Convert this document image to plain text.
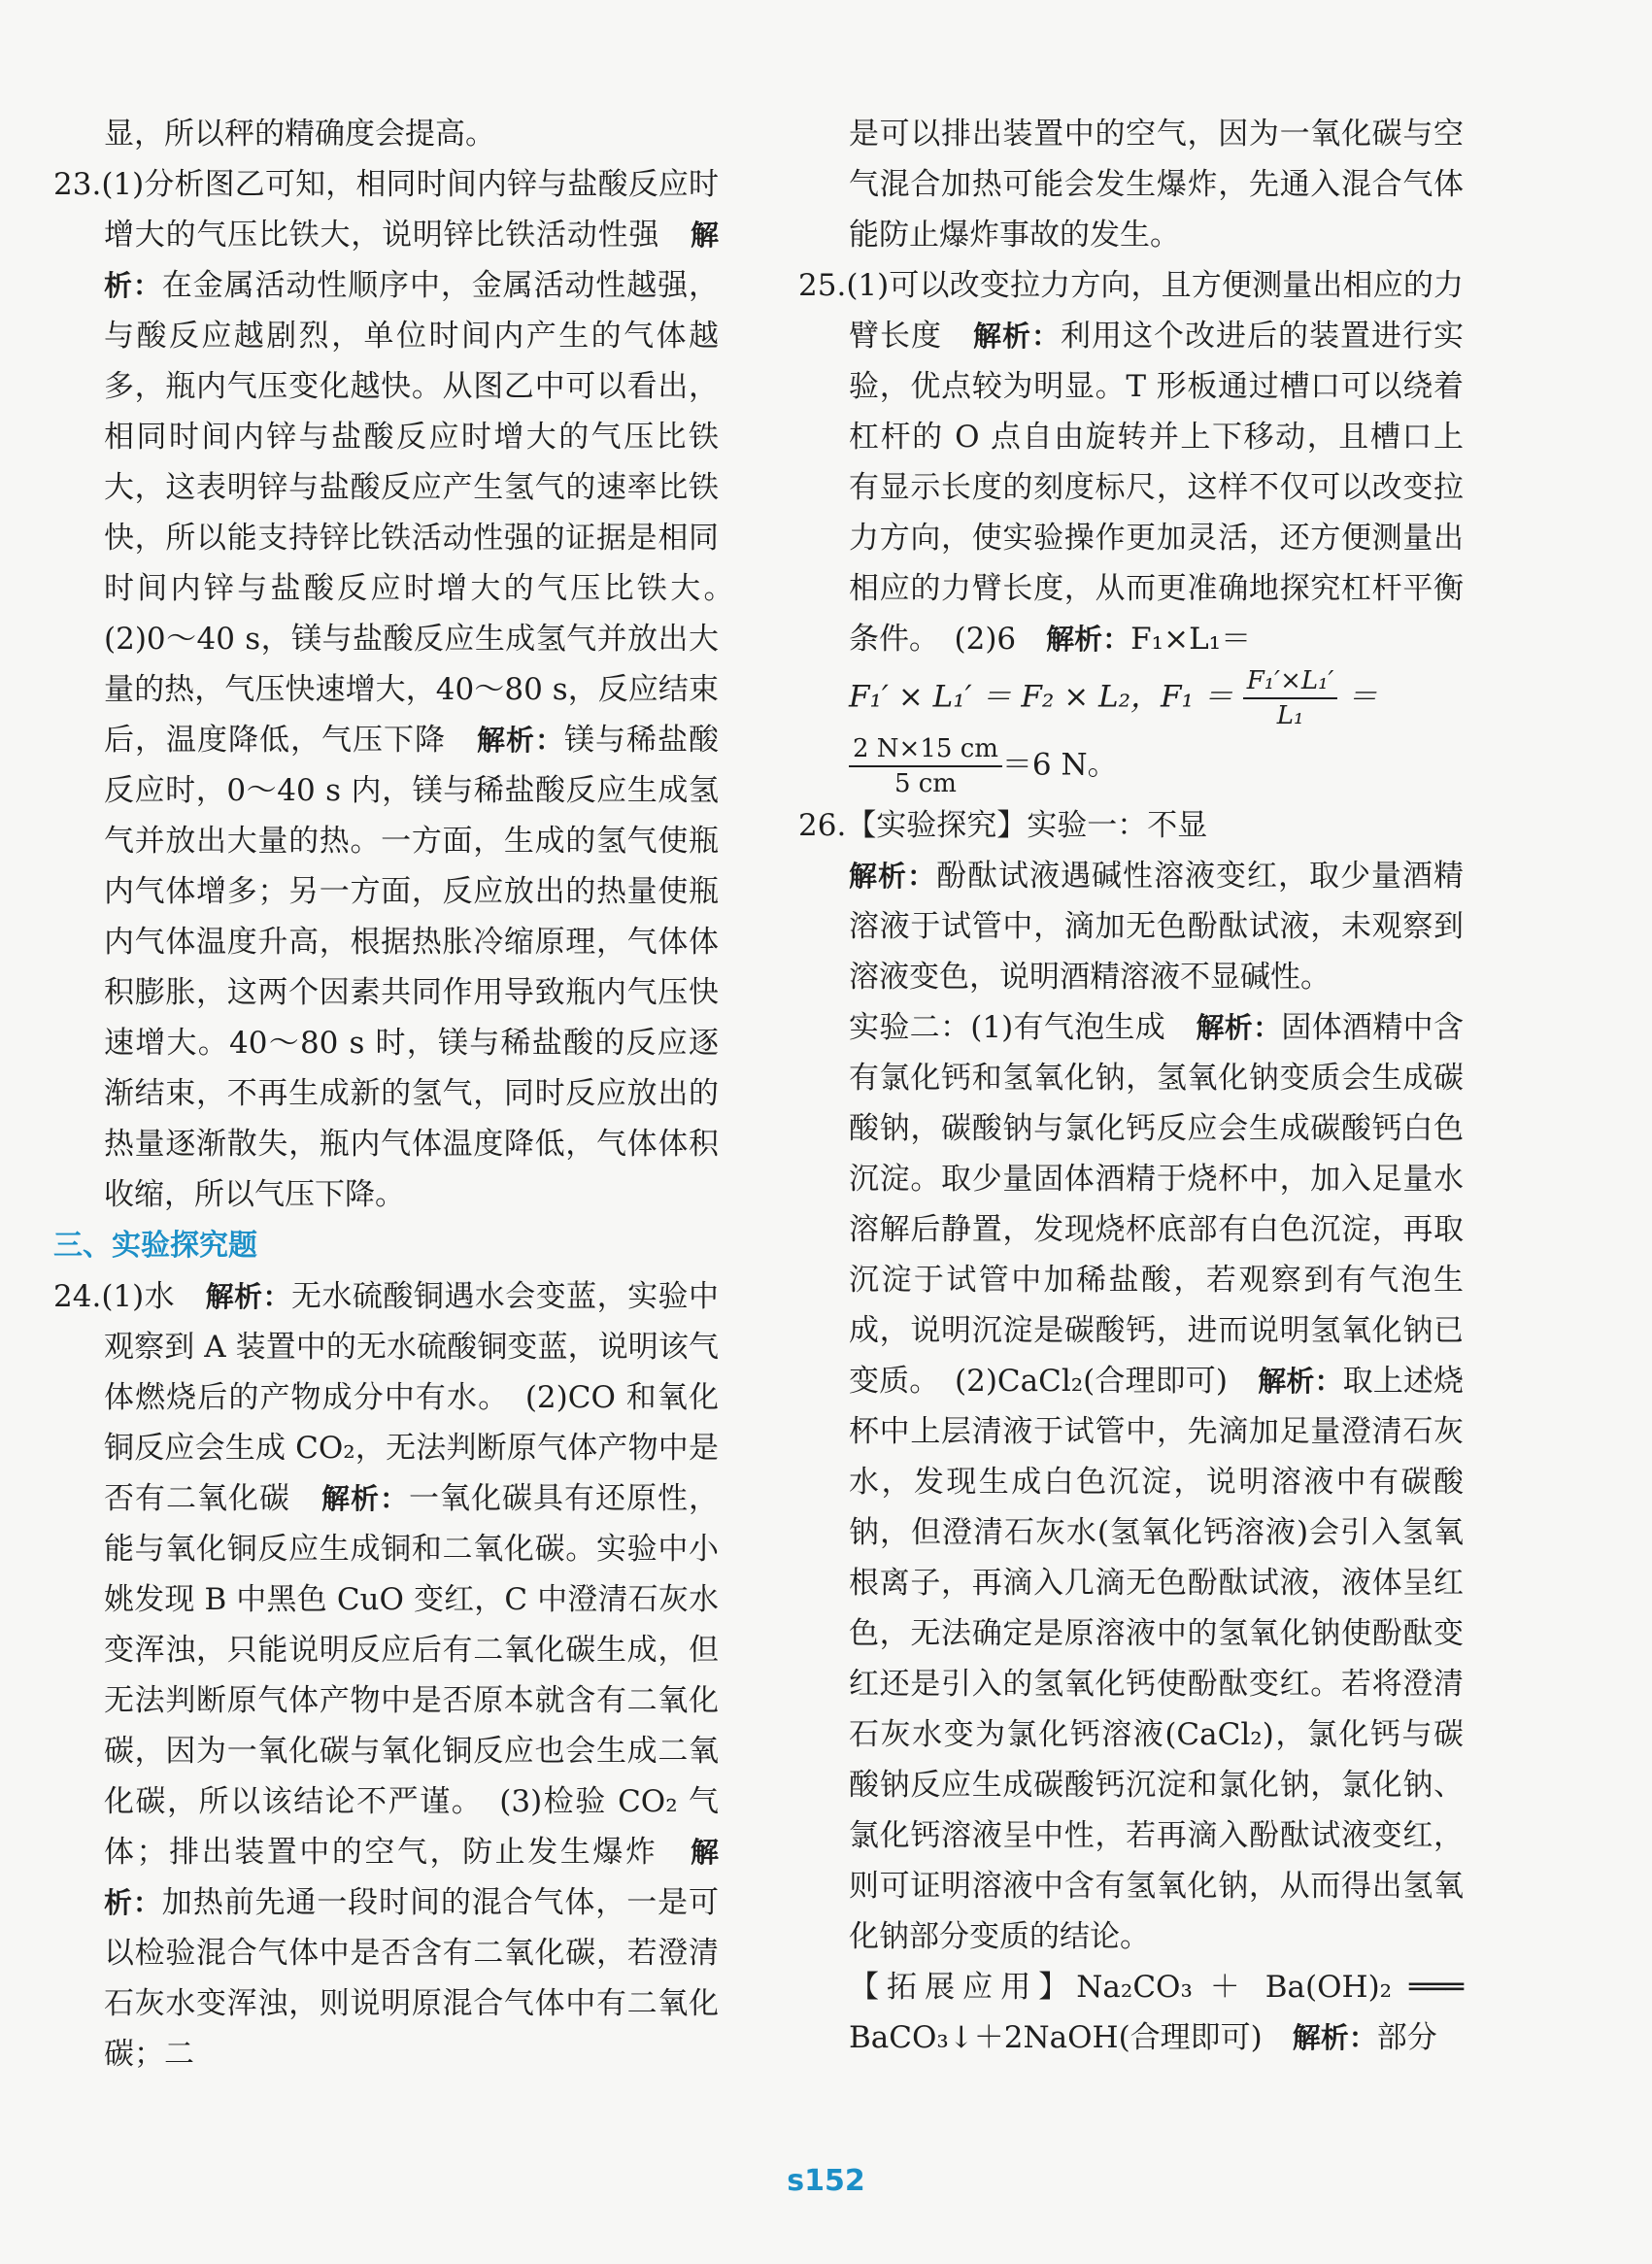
显，所以秤的精确度会提高。

23.(1)分析图乙可知，相同时间内锌与盐酸反应时增大的气压比铁大，说明锌比铁活动性强　 解析：在金属活动性顺序中，金属活动性越强，与酸反应越剧烈，单位时间内产生的气体越多，瓶内气压变化越快。从图乙中可以看出，相同时间内锌与盐酸反应时增大的气压比铁大，这表明锌与盐酸反应产生氢气的速率比铁快，所以能支持锌比铁活动性强的证据是相同时间内锌与盐酸反应时增大的气压比铁大。　(2)0～40 s，镁与盐酸反应生成氢气并放出大量的热，气压快速增大，40～80 s，反应结束后，温度降低，气压下降　 解析：镁与稀盐酸反应时，0～40 s 内，镁与稀盐酸反应生成氢气并放出大量的热。一方面，生成的氢气使瓶内气体增多；另一方面，反应放出的热量使瓶内气体温度升高，根据热胀冷缩原理，气体体积膨胀，这两个因素共同作用导致瓶内气压快速增大。40～80 s 时，镁与稀盐酸的反应逐渐结束，不再生成新的氢气，同时反应放出的热量逐渐散失，瓶内气体温度降低，气体体积收缩，所以气压下降。

三、实验探究题

24.(1)水　 解析：无水硫酸铜遇水会变蓝，实验中观察到 A 装置中的无水硫酸铜变蓝，说明该气体燃烧后的产物成分中有水。　 (2)CO 和氧化铜反应会生成 CO₂，无法判断原气体产物中是否有二氧化碳　 解析：一氧化碳具有还原性，能与氧化铜反应生成铜和二氧化碳。实验中小姚发现 B 中黑色 CuO 变红，C 中澄清石灰水变浑浊，只能说明反应后有二氧化碳生成，但无法判断原气体产物中是否原本就含有二氧化碳，因为一氧化碳与氧化铜反应也会生成二氧化碳，所以该结论不严谨。　 (3)检验 CO₂ 气体；排出装置中的空气，防止发生爆炸　 解析：加热前先通一段时间的混合气体，一是可以检验混合气体中是否含有二氧化碳，若澄清石灰水变浑浊，则说明原混合气体中有二氧化碳；二

是可以排出装置中的空气，因为一氧化碳与空气混合加热可能会发生爆炸，先通入混合气体能防止爆炸事故的发生。

25.(1)可以改变拉力方向，且方便测量出相应的力臂长度　 解析：利用这个改进后的装置进行实验，优点较为明显。T 形板通过槽口可以绕着杠杆的 O 点自由旋转并上下移动，且槽口上有显示长度的刻度标尺，这样不仅可以改变拉力方向，使实验操作更加灵活，还方便测量出相应的力臂长度，从而更准确地探究杠杆平衡条件。　 (2)6　 解析：F₁×L₁＝

F₁′ × L₁′ ＝ F₂ × L₂，$F_1 = \frac{\text{F₁′×L₁′}}{\text{L₁}}$ ＝
$\frac{2 N\times 15 cm}{5 cm} =6$ N。

26.【实验探究】实验一：不显

解析：酚酞试液遇碱性溶液变红，取少量酒精溶液于试管中，滴加无色酚酞试液，未观察到溶液变色，说明酒精溶液不显碱性。

实验二：(1)有气泡生成　 解析：固体酒精中含有氯化钙和氢氧化钠，氢氧化钠变质会生成碳酸钠，碳酸钠与氯化钙反应会生成碳酸钙白色沉淀。取少量固体酒精于烧杯中，加入足量水溶解后静置，发现烧杯底部有白色沉淀，再取沉淀于试管中加稀盐酸，若观察到有气泡生成，说明沉淀是碳酸钙，进而说明氢氧化钠已变质。　 (2)CaCl₂(合理即可)　 解析：取上述烧杯中上层清液于试管中，先滴加足量澄清石灰水，发现生成白色沉淀，说明溶液中有碳酸钠，但澄清石灰水(氢氧化钙溶液)会引入氢氧根离子，再滴入几滴无色酚酞试液，液体呈红色，无法确定是原溶液中的氢氧化钠使酚酞变红还是引入的氢氧化钙使酚酞变红。若将澄清石灰水变为氯化钙溶液(CaCl₂)，氯化钙与碳酸钠反应生成碳酸钙沉淀和氯化钠，氯化钠、氯化钙溶液呈中性，若再滴入酚酞试液变红，则可证明溶液中含有氢氧化钠，从而得出氢氧化钠部分变质的结论。

【拓展应用】Na₂CO₃ ＋ Ba(OH)₂ ═══ BaCO₃↓＋2NaOH(合理即可)　 解析：部分

s152
